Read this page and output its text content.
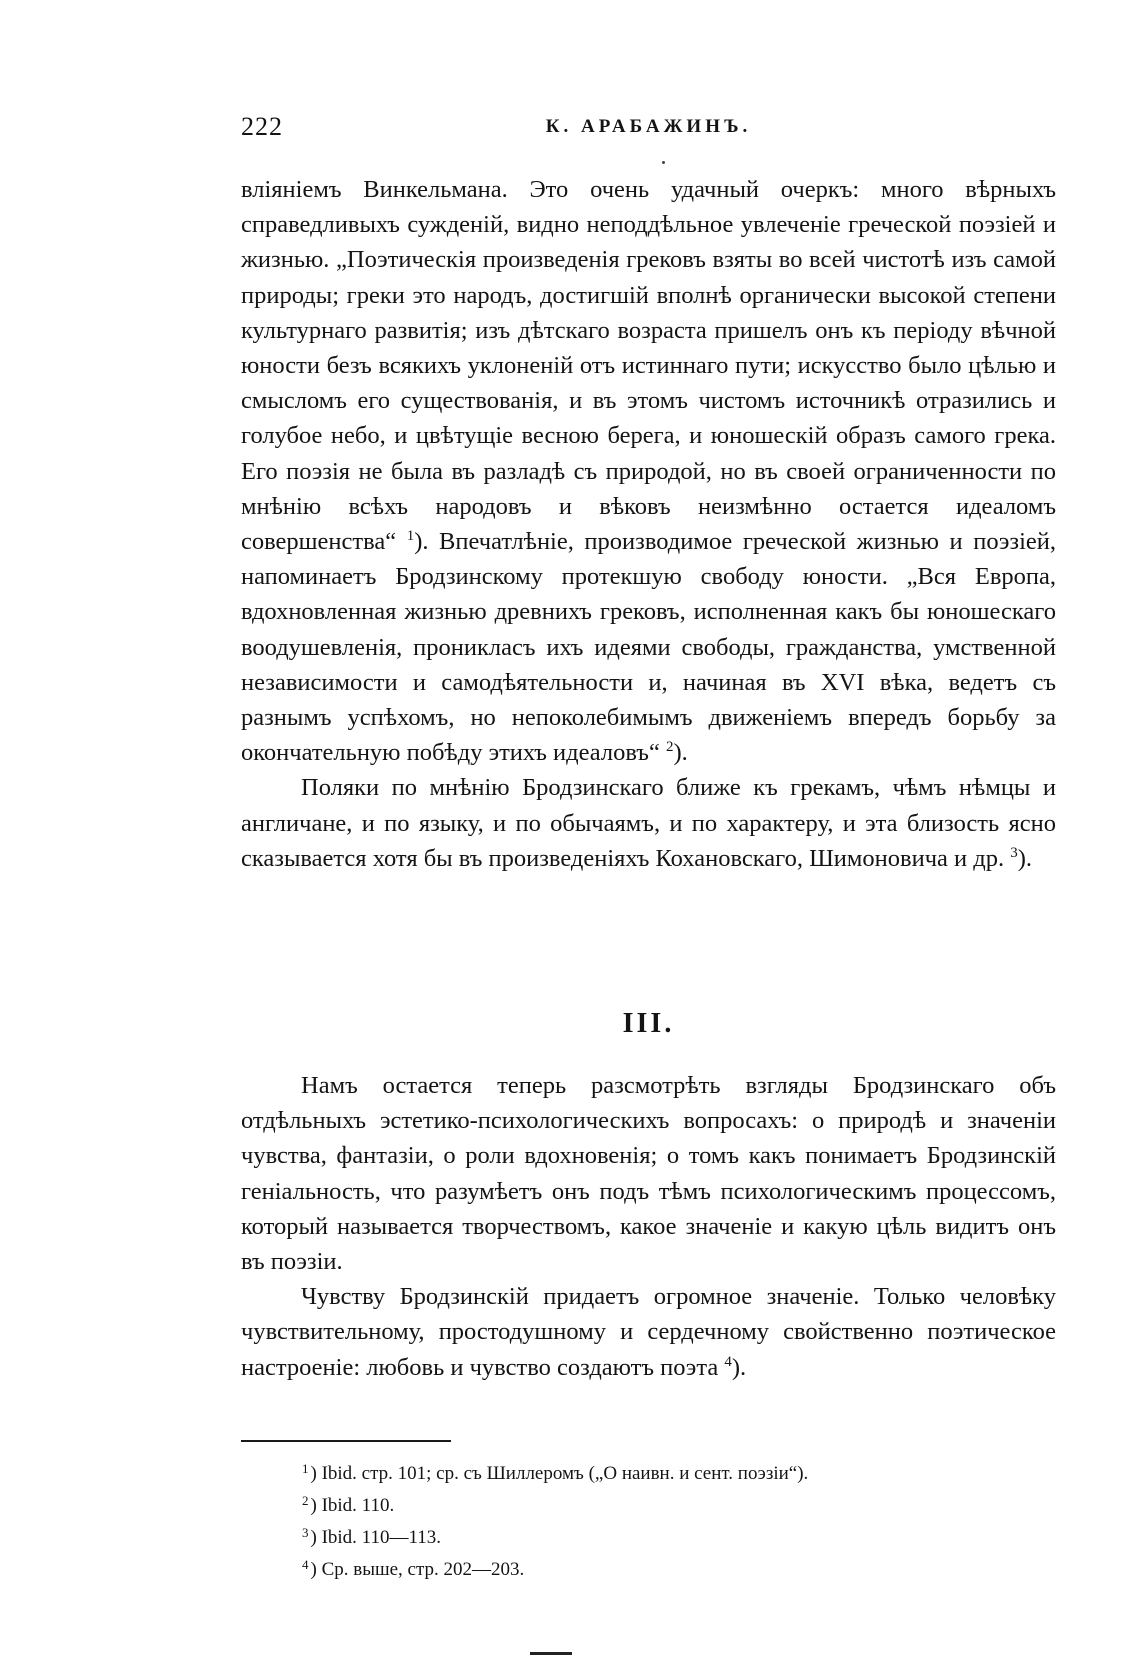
222	К. АРАБАЖИНЪ.

вліяніемъ Винкельмана. Это очень удачный очеркъ: много вѣрныхъ справедливыхъ сужденій, видно неподдѣльное увлеченіе греческой поэзіей и жизнью. „Поэтическія произведенія грековъ взяты во всей чистотѣ изъ самой природы; греки это народъ, достигшій вполнѣ органически высокой степени культурнаго развитія; изъ дѣтскаго возраста пришелъ онъ къ періоду вѣчной юности безъ всякихъ уклоненій отъ истиннаго пути; искусство было цѣлью и смысломъ его существованія, и въ этомъ чистомъ источникѣ отразились и голубое небо, и цвѣтущіе весною берега, и юношескій образъ самого грека. Его поэзія не была въ разладѣ съ природой, но въ своей ограниченности по мнѣнію всѣхъ народовъ и вѣковъ неизмѣнно остается идеаломъ совершенства“ $^1$). Впечатлѣніе, производимое греческой жизнью и поэзіей, напоминаетъ Бродзинскому протекшую свободу юности. „Вся Европа, вдохновленная жизнью древнихъ грековъ, исполненная какъ бы юношескаго воодушевленія, проникласъ ихъ идеями свободы, гражданства, умственной независимости и самодѣятельности и, начиная въ XVI вѣка, ведетъ съ разнымъ успѣхомъ, но непоколебимымъ движеніемъ впередъ борьбу за окончательную побѣду этихъ идеаловъ“ $^2$).

Поляки по мнѣнію Бродзинскаго ближе къ грекамъ, чѣмъ нѣмцы и англичане, и по языку, и по обычаямъ, и по характеру, и эта близость ясно сказывается хотя бы въ произведеніяхъ Кохановскаго, Шимоновича и др. $^3$).

III.

Намъ остается теперь разсмотрѣть взгляды Бродзинскаго объ отдѣльныхъ эстетико-психологическихъ вопросахъ: о природѣ и значеніи чувства, фантазіи, о роли вдохновенія; о томъ какъ понимаетъ Бродзинскій геніальность, что разумѣетъ онъ подъ тѣмъ психологическимъ процессомъ, который называется творчествомъ, какое значеніе и какую цѣль видитъ онъ въ поэзіи.

Чувству Бродзинскій придаетъ огромное значеніе. Только человѣку чувствительному, простодушному и сердечному свойственно поэтическое настроеніе: любовь и чувство создаютъ поэта $^4$).

$^1$ ) Ibid. стр. 101; ср. съ Шиллеромъ („О наивн. и сент. поэзіи“).
$^2$ ) Ibid. 110.
$^3$ ) Ibid. 110—113.
$^4$ ) Ср. выше, стр. 202—203.
